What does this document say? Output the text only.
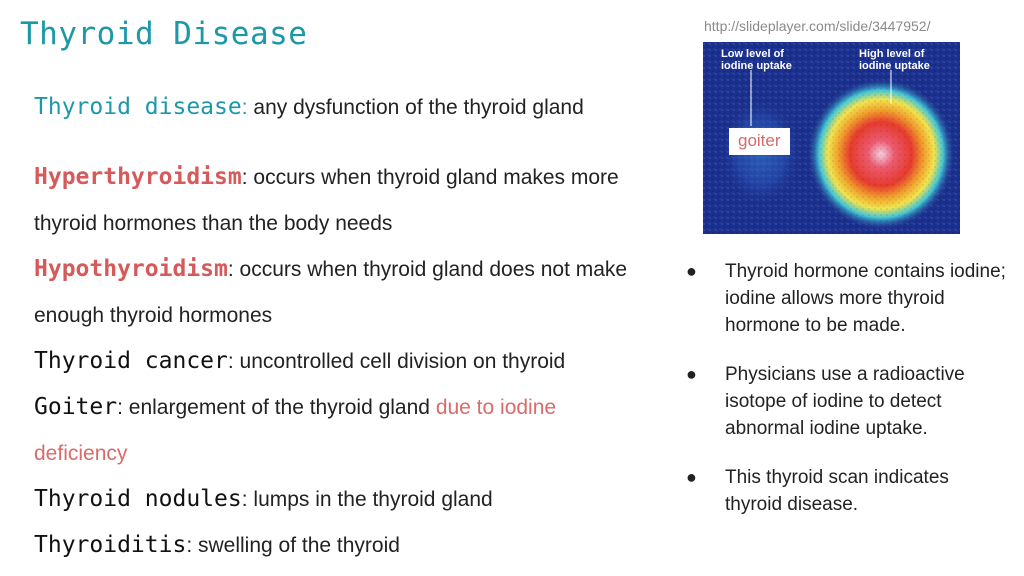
Thyroid Disease	http://slideplayer.com/slide/3447952/

Thyroid disease: any dysfunction of the thyroid gland

Hyperthyroidism: occurs when thyroid gland makes more thyroid hormones than the body needs

Hypothyroidism: occurs when thyroid gland does not make enough thyroid hormones

Thyroid cancer: uncontrolled cell division on thyroid

Goiter: enlargement of the thyroid gland due to iodine deficiency

Thyroid nodules: lumps in the thyroid gland

Thyroiditis: swelling of the thyroid

Low level of iodine uptake
High level of iodine uptake
goiter
● Thyroid hormone contains iodine; iodine allows more thyroid hormone to be made.
● Physicians use a radioactive isotope of iodine to detect abnormal iodine uptake.
● This thyroid scan indicates thyroid disease.
